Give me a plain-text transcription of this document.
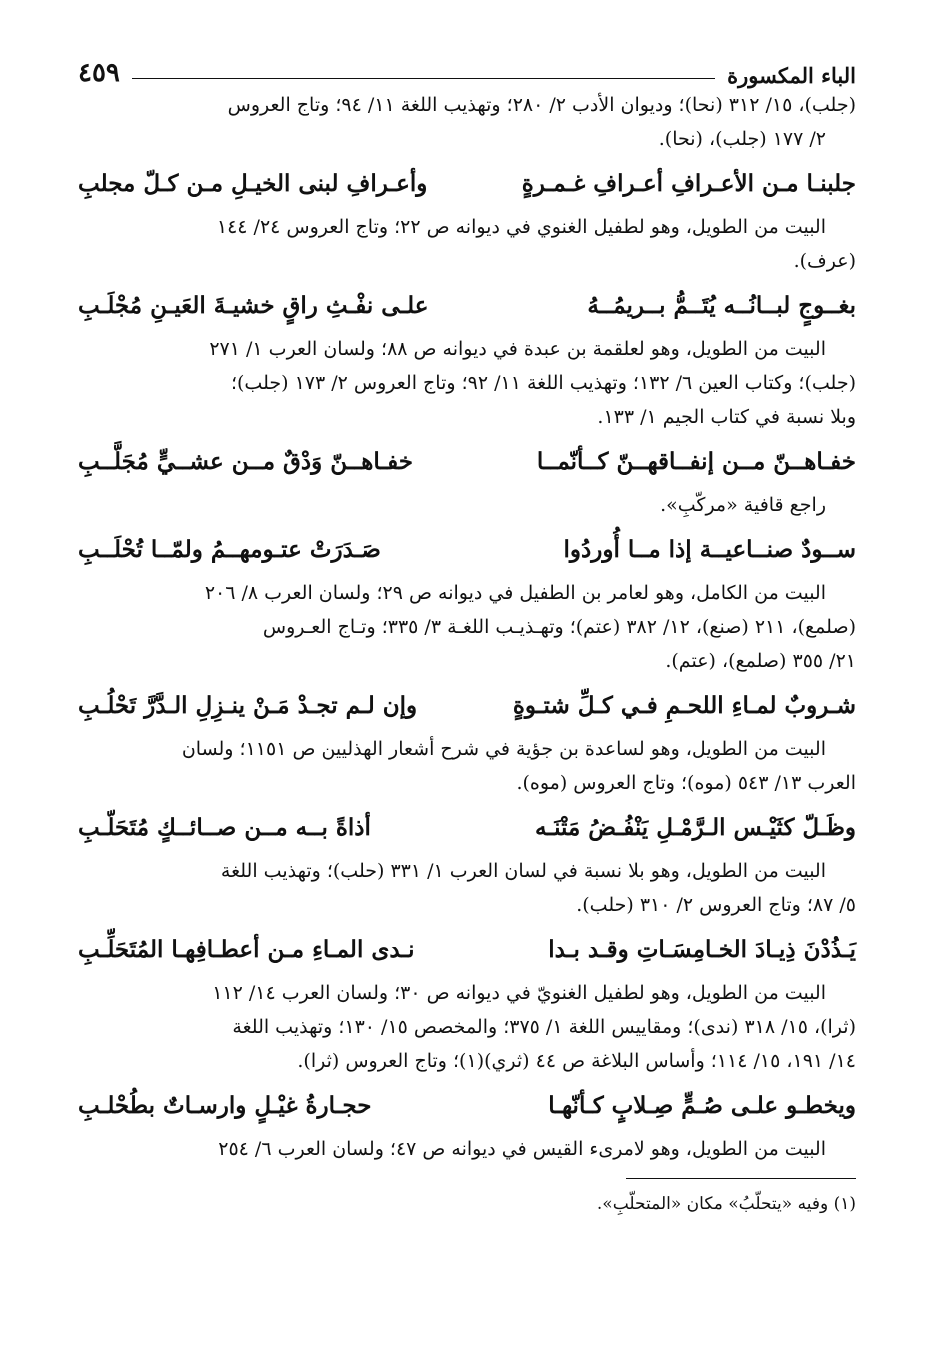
الباء المكسورة
٤٥٩

(جلب)، ١٥/ ٣١٢ (نحا)؛ وديوان الأدب ٢/ ٢٨٠؛ وتهذيب اللغة ١١/ ٩٤؛ وتاج العروس

٢/ ١٧٧ (جلب)، (نحا).

جلبنـا مـن الأعـرافِ أعـرافِ غـمـرةٍ
وأعـرافِ لبنى الخيـلِ مـن كـلّ مجلبِ

البيت من الطويل، وهو لطفيل الغنوي في ديوانه ص ٢٢؛ وتاج العروس ٢٤/ ١٤٤

(عرف).

بغــوجٍ لبــانُــه يُتَــمُّ بــريمُــهُ
علـى نفْـثِ راقٍ خشيـةَ العَيـنِ مُجْلَـبِ

البيت من الطويل، وهو لعلقمة بن عبدة في ديوانه ص ٨٨؛ ولسان العرب ١/ ٢٧١

(جلب)؛ وكتاب العين ٦/ ١٣٢؛ وتهذيب اللغة ١١/ ٩٢؛ وتاج العروس ٢/ ١٧٣ (جلب)؛

وبلا نسبة في كتاب الجيم ١/ ١٣٣.

خفـاهــنّ مــن إنفــاقهــنّ كــأنّمــا
خفـاهــنّ وَدْقٌ مــن عشــيٍّ مُجَلَّــبِ

راجع قافية «مركّبِ».

ســودٌ صنــاعيــة إذا مــا أُوردُوا
صَـدَرَتْ عتـومهــمُ ولمّــا تُحْلَــبِ

البيت من الكامل، وهو لعامر بن الطفيل في ديوانه ص ٢٩؛ ولسان العرب ٨/ ٢٠٦

(صلمع)، ٢١١ (صنع)، ١٢/ ٣٨٢ (عتم)؛ وتهـذيـب اللغـة ٣/ ٣٣٥؛ وتـاج العـروس

٢١/ ٣٥٥ (صلمع)، (عتم).

شـروبٌ لمـاءِ اللحـمِ فـي كـلِّ شتـوةٍ
وإن لـم تجـدْ مَـنْ ينـزِلِ الـدَّرَّ تَحْلُـبِ

البيت من الطويل، وهو لساعدة بن جؤية في شرح أشعار الهذليين ص ١١٥١؛ ولسان

العرب ١٣/ ٥٤٣ (موه)؛ وتاج العروس (موه).

وظَـلّ كثَيْـس الـرَّمْـلِ يَنْفُـضُ مَتْنَـه
أذاةً بــه مــن صــائــكٍ مُتَحَلّـبِ

البيت من الطويل، وهو بلا نسبة في لسان العرب ١/ ٣٣١ (حلب)؛ وتهذيب اللغة

٥/ ٨٧؛ وتاج العروس ٢/ ٣١٠ (حلب).

يَـذُدْنَ ذِيـادَ الخـامِسَـاتِ وقـد بـدا
نـدى المـاءِ مـن أعطـافِهـا المُتَحَلِّـبِ

البيت من الطويل، وهو لطفيل الغنويّ في ديوانه ص ٣٠؛ ولسان العرب ١٤/ ١١٢

(ثرا)، ١٥/ ٣١٨ (ندى)؛ ومقاييس اللغة ١/ ٣٧٥؛ والمخصص ١٥/ ١٣٠؛ وتهذيب اللغة

١٤/ ١٩١، ١٥/ ١١٤؛ وأساس البلاغة ص ٤٤ (ثري)(١)؛ وتاج العروس (ثرا).

ويخطـو علـى صُـمٍّ صِـلابٍ كـأنّهـا
حجـارةُ غيْـلٍ وارسـاتٌ بطُحْلـبِ

البيت من الطويل، وهو لامرىء القيس في ديوانه ص ٤٧؛ ولسان العرب ٦/ ٢٥٤

(١) وفيه «يتحلّبُ» مكان «المتحلّبِ».
